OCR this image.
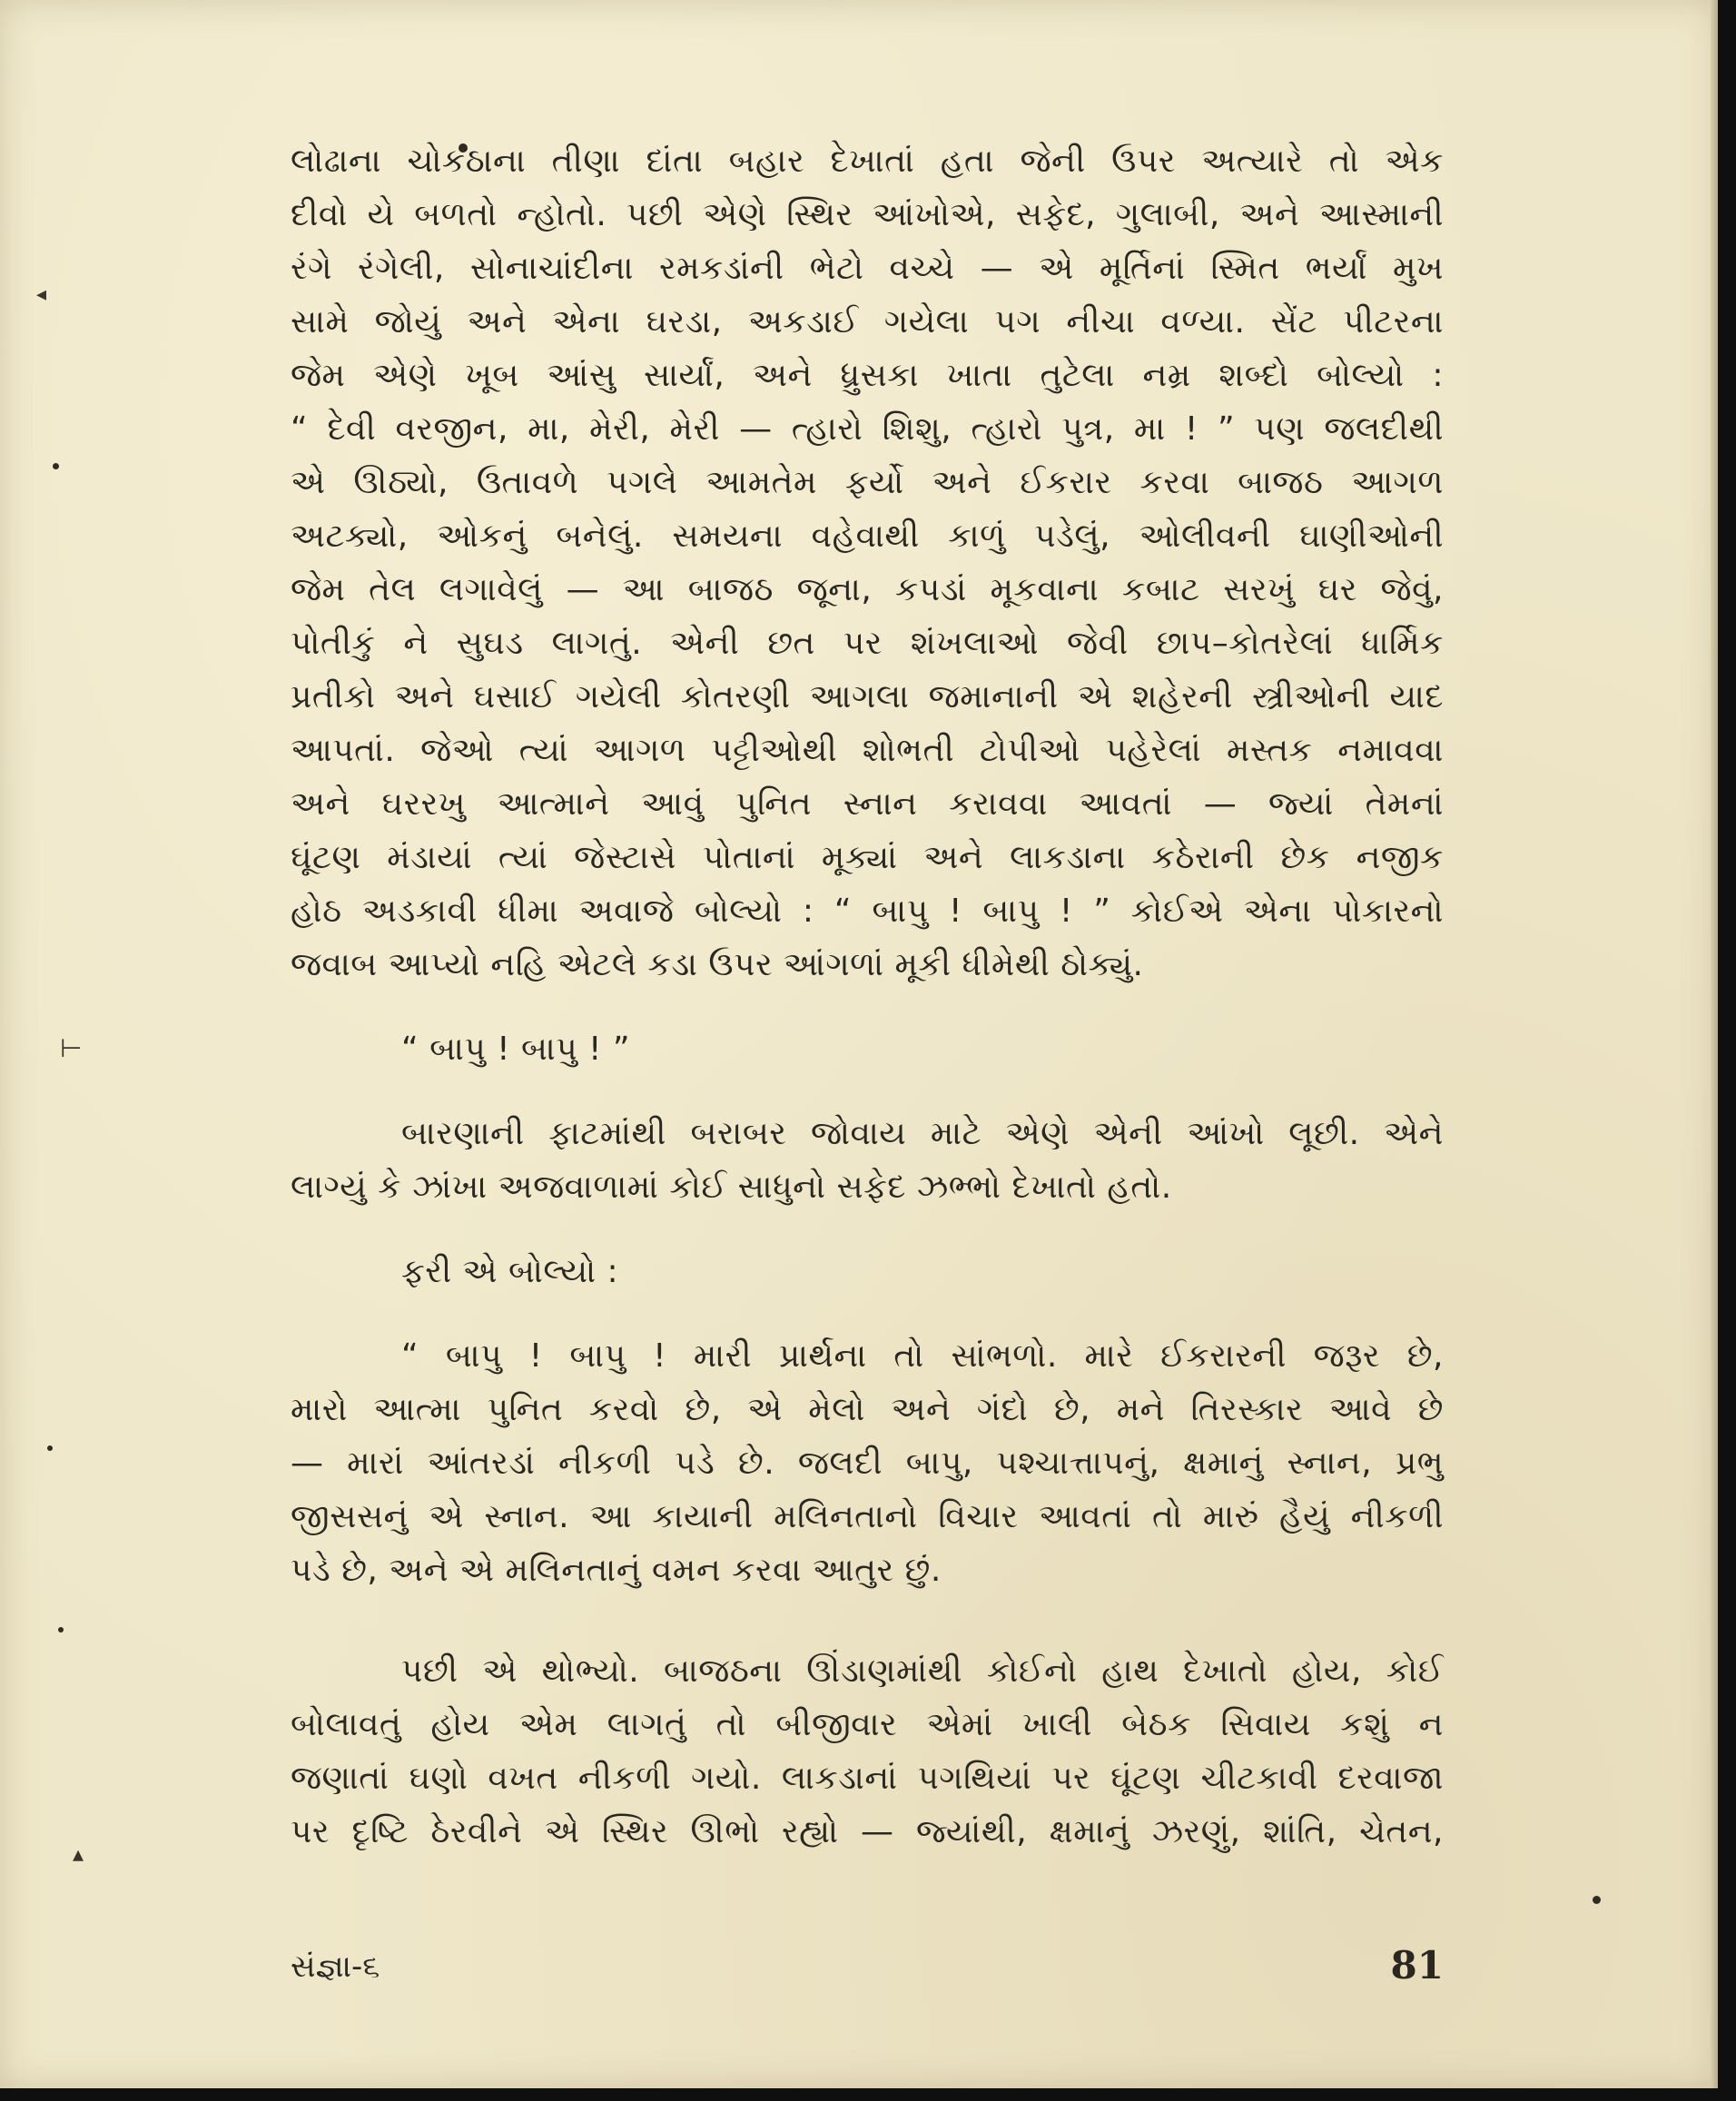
◂
⊢
▴
લોઢાના ચોકઠાના તીણા દાંતા બહાર દેખાતાં હતા જેની ઉપર અત્યારે તો એક
દીવો યે બળતો ન્હોતો. પછી એણે સ્થિર આંખોએ, સફેદ, ગુલાબી, અને આસ્માની
રંગે રંગેલી, સોનાચાંદીના રમકડાંની ભેટો વચ્ચે — એ મૂર્તિનાં સ્મિત ભર્યાં મુખ
સામે જોયું અને એના ઘરડા, અકડાઈ ગયેલા પગ નીચા વળ્યા. સેંટ પીટરના
જેમ એણે ખૂબ આંસુ સાર્યાં, અને ધ્રુસકા ખાતા તુટેલા નમ્ર શબ્દો બોલ્યો :
“ દેવી વરજીન, મા, મેરી, મેરી — ત્હારો શિશુ, ત્હારો પુત્ર, મા ! ” પણ જલદીથી
એ ઊઠ્યો, ઉતાવળે પગલે આમતેમ ફર્યો અને ઈકરાર કરવા બાજઠ આગળ
અટક્યો, ઓકનું બનેલું. સમયના વહેવાથી કાળું પડેલું, ઓલીવની ઘાણીઓની
જેમ તેલ લગાવેલું — આ બાજઠ જૂના, કપડાં મૂકવાના કબાટ સરખું ઘર જેવું,
પોતીકું ને સુઘડ લાગતું. એની છત પર શંખલાઓ જેવી છાપ–કોતરેલાં ધાર્મિક
પ્રતીકો અને ઘસાઈ ગયેલી કોતરણી આગલા જમાનાની એ શહેરની સ્ત્રીઓની યાદ
આપતાં. જેઓ ત્યાં આગળ પટ્ટીઓથી શોભતી ટોપીઓ પહેરેલાં મસ્તક નમાવવા
અને ઘરરખુ આત્માને આવું પુનિત સ્નાન કરાવવા આવતાં — જ્યાં તેમનાં
ઘૂંટણ મંડાયાં ત્યાં જેસ્ટાસે પોતાનાં મૂક્યાં અને લાકડાના કઠેરાની છેક નજીક
હોઠ અડકાવી ધીમા અવાજે બોલ્યો : “ બાપુ ! બાપુ ! ” કોઈએ એના પોકારનો
જવાબ આપ્યો નહિ એટલે કડા ઉપર આંગળાં મૂકી ધીમેથી ઠોક્યું.
“ બાપુ ! બાપુ ! ”
બારણાની ફાટમાંથી બરાબર જોવાય માટે એણે એની આંખો લૂછી. એને
લાગ્યું કે ઝાંખા અજવાળામાં કોઈ સાધુનો સફેદ ઝભ્ભો દેખાતો હતો.
ફરી એ બોલ્યો :
“ બાપુ ! બાપુ ! મારી પ્રાર્થના તો સાંભળો. મારે ઈકરારની જરૂર છે,
મારો આત્મા પુનિત કરવો છે, એ મેલો અને ગંદો છે, મને તિરસ્કાર આવે છે
— મારાં આંતરડાં નીકળી પડે છે. જલદી બાપુ, પશ્ચાત્તાપનું, ક્ષમાનું સ્નાન, પ્રભુ
જીસસનું એ સ્નાન. આ કાયાની મલિનતાનો વિચાર આવતાં તો મારું હૈયું નીકળી
પડે છે, અને એ મલિનતાનું વમન કરવા આતુર છું.
પછી એ થોભ્યો. બાજઠના ઊંડાણમાંથી કોઈનો હાથ દેખાતો હોય, કોઈ
બોલાવતું હોય એમ લાગતું તો બીજીવાર એમાં ખાલી બેઠક સિવાય કશું ન
જણાતાં ઘણો વખત નીકળી ગયો. લાકડાનાં પગથિયાં પર ઘૂંટણ ચીટકાવી દરવાજા
પર દૃષ્ટિ ઠેરવીને એ સ્થિર ઊભો રહ્યો — જ્યાંથી, ક્ષમાનું ઝરણું, શાંતિ, ચેતન,
સંજ્ઞા-૬	81
